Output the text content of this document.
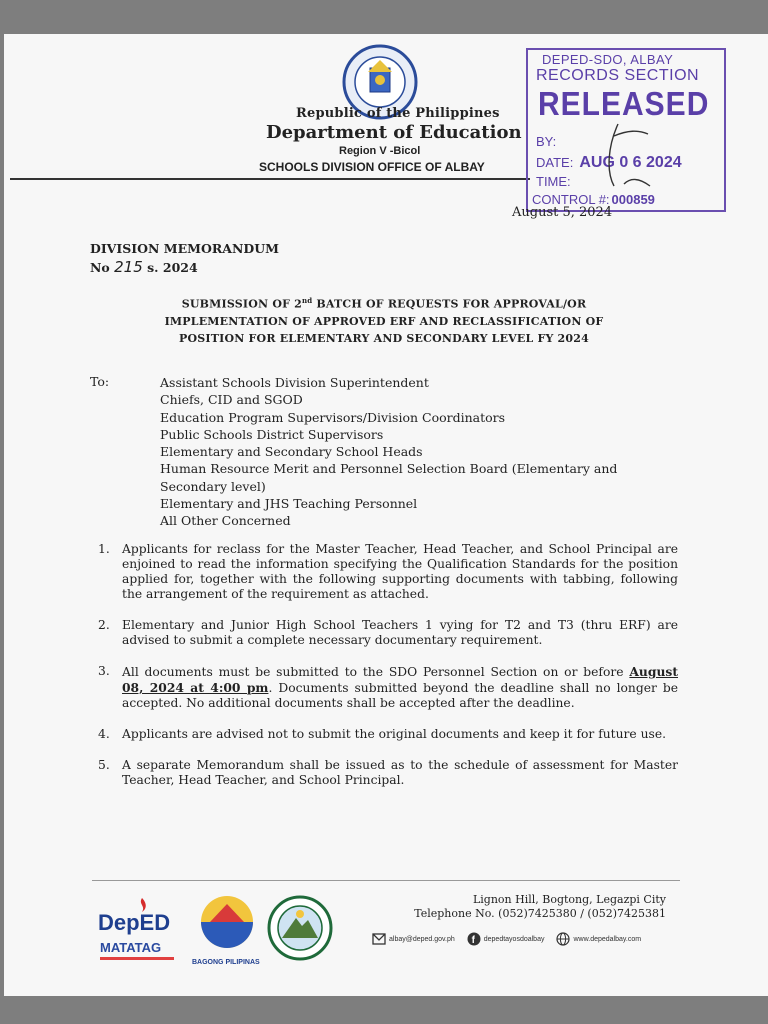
Republic of the Philippines
Department of Education
Region V -Bicol
SCHOOLS DIVISION OFFICE OF ALBAY
DEPED-SDO, ALBAY
RECORDS SECTION
RELEASED
BY:
DATE: AUG 0 6 2024
TIME:
CONTROL #: 000859
August 5, 2024
DIVISION MEMORANDUM
No 215 s. 2024
SUBMISSION OF 2nd BATCH OF REQUESTS FOR APPROVAL/OR
IMPLEMENTATION OF APPROVED ERF AND RECLASSIFICATION OF
POSITION FOR ELEMENTARY AND SECONDARY LEVEL FY 2024
To:	Assistant Schools Division Superintendent
Chiefs, CID and SGOD
Education Program Supervisors/Division Coordinators
Public Schools District Supervisors
Elementary and Secondary School Heads
Human Resource Merit and Personnel Selection Board (Elementary and Secondary level)
Elementary and JHS Teaching Personnel
All Other Concerned
1. Applicants for reclass for the Master Teacher, Head Teacher, and School Principal are enjoined to read the information specifying the Qualification Standards for the position applied for, together with the following supporting documents with tabbing, following the arrangement of the requirement as attached.
2. Elementary and Junior High School Teachers 1 vying for T2 and T3 (thru ERF) are advised to submit a complete necessary documentary requirement.
3. All documents must be submitted to the SDO Personnel Section on or before August 08, 2024 at 4:00 pm. Documents submitted beyond the deadline shall no longer be accepted. No additional documents shall be accepted after the deadline.
4. Applicants are advised not to submit the original documents and keep it for future use.
5. A separate Memorandum shall be issued as to the schedule of assessment for Master Teacher, Head Teacher, and School Principal.
DepED
MATATAG
BAGONG PILIPINAS
Lignon Hill, Bogtong, Legazpi City
Telephone No. (052)7425380 / (052)7425381
albay@deped.gov.ph f depedtayosdoalbay	www.depedalbay.com
